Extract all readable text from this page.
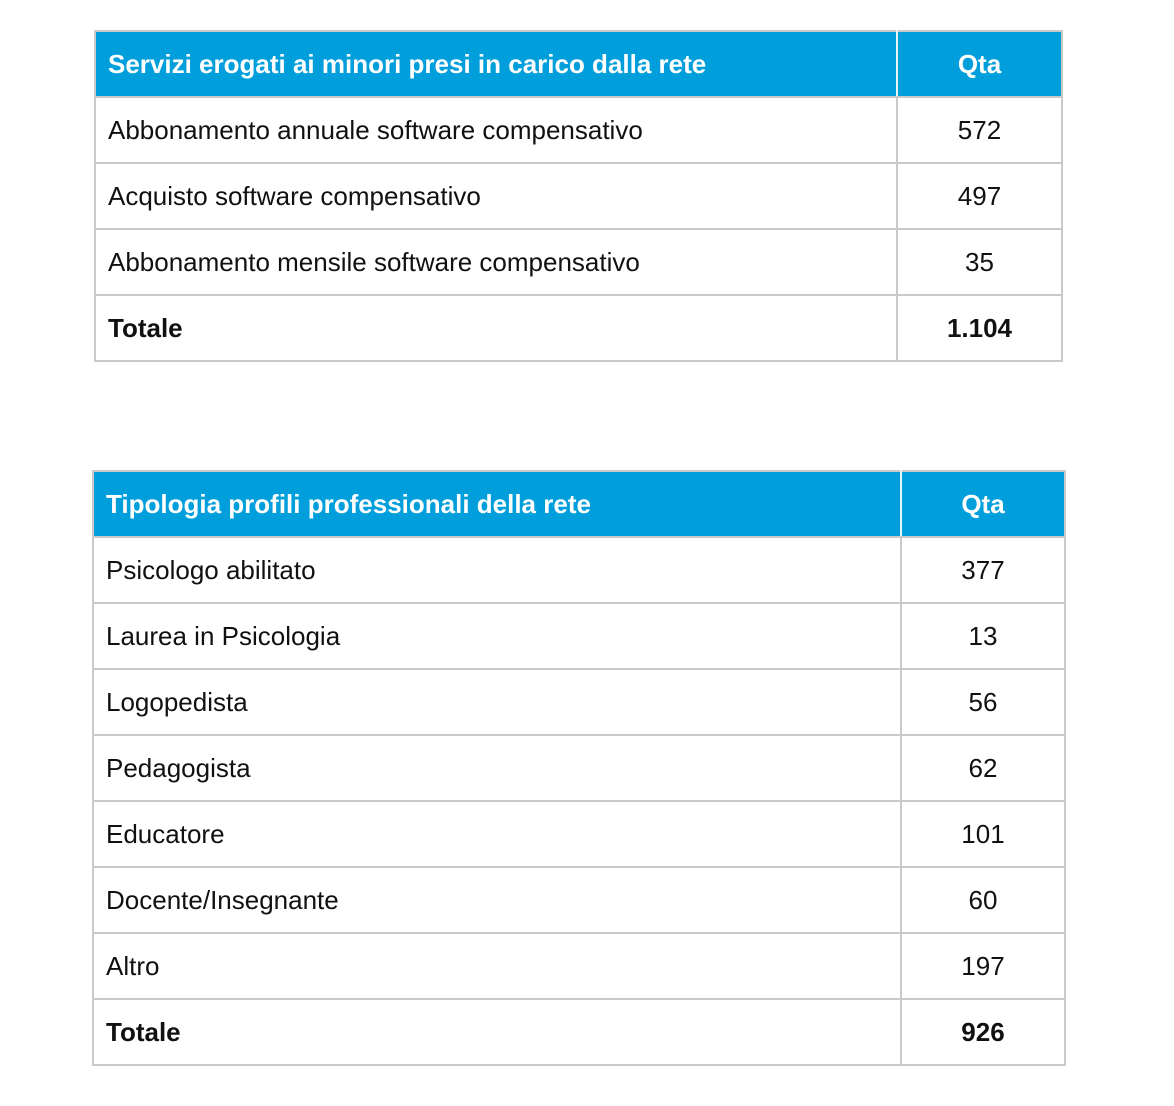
Servizi erogati ai minori presi in carico dalla rete	Qta
Abbonamento annuale software compensativo	572
Acquisto software compensativo	497
Abbonamento mensile software compensativo	35
Totale	1.104
Tipologia profili professionali della rete	Qta
Psicologo abilitato	377
Laurea in Psicologia	13
Logopedista	56
Pedagogista	62
Educatore	101
Docente/Insegnante	60
Altro	197
Totale	926
